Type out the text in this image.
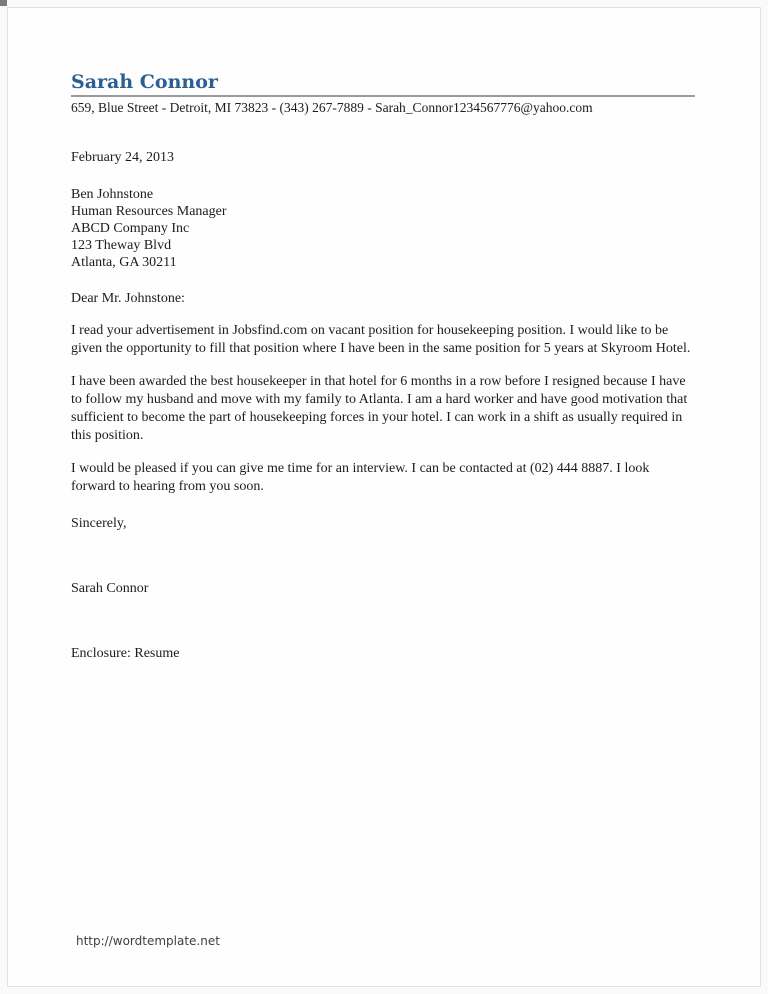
Sarah Connor
659, Blue Street - Detroit, MI 73823 - (343) 267-7889 - Sarah_Connor1234567776@yahoo.com
February 24, 2013
Ben Johnstone
Human Resources Manager
ABCD Company Inc
123 Theway Blvd
Atlanta, GA 30211
Dear Mr. Johnstone:

I read your advertisement in Jobsfind.com on vacant position for housekeeping position. I would like to be given the opportunity to fill that position where I have been in the same position for 5 years at Skyroom Hotel.

I have been awarded the best housekeeper in that hotel for 6 months in a row before I resigned because I have to follow my husband and move with my family to Atlanta. I am a hard worker and have good motivation that sufficient to become the part of housekeeping forces in your hotel. I can work in a shift as usually required in this position.

I would be pleased if you can give me time for an interview. I can be contacted at (02) 444 8887. I look forward to hearing from you soon.

Sincerely,
Sarah Connor
Enclosure: Resume
http://wordtemplate.net
